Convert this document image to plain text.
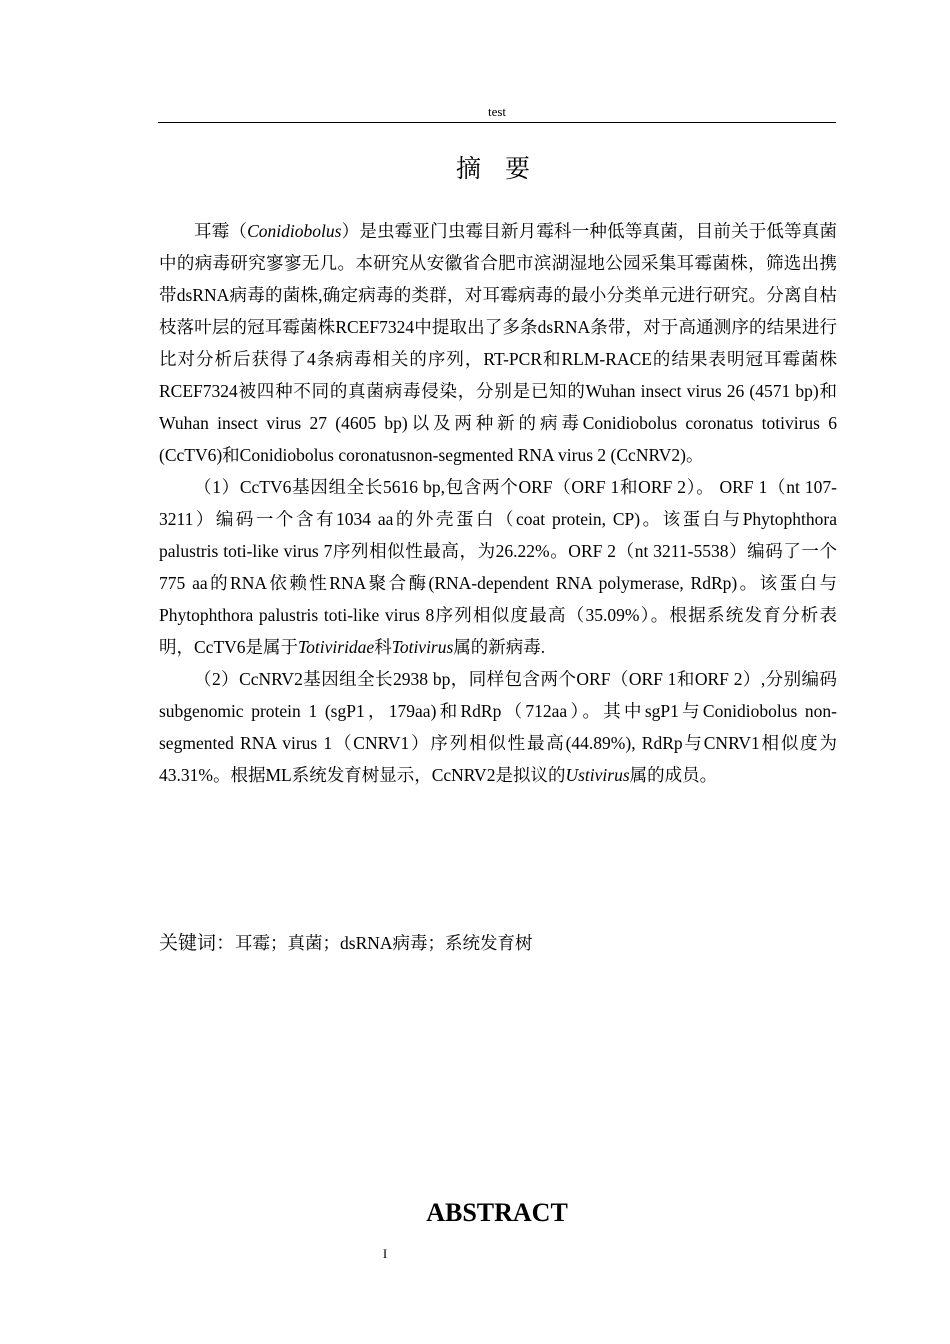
test
摘 要

耳霉（Conidiobolus）是虫霉亚门虫霉目新月霉科一种低等真菌，目前关于低等真菌中的病毒研究寥寥无几。本研究从安徽省合肥市滨湖湿地公园采集耳霉菌株，筛选出携带dsRNA病毒的菌株,确定病毒的类群，对耳霉病毒的最小分类单元进行研究。分离自枯枝落叶层的冠耳霉菌株RCEF7324中提取出了多条dsRNA条带，对于高通测序的结果进行比对分析后获得了4条病毒相关的序列，RT-PCR和RLM-RACE的结果表明冠耳霉菌株RCEF7324被四种不同的真菌病毒侵染，分别是已知的Wuhan insect virus 26 (4571 bp)和Wuhan insect virus 27 (4605 bp)以及两种新的病毒Conidiobolus coronatus totivirus 6 (CcTV6)和Conidiobolus coronatusnon-segmented RNA virus 2 (CcNRV2)。

（1）CcTV6基因组全长5616 bp,包含两个ORF（ORF 1和ORF 2）。 ORF 1（nt 107-3211）编码一个含有1034 aa的外壳蛋白（coat protein, CP)。该蛋白与Phytophthora palustris toti-like virus 7序列相似性最高，为26.22%。ORF 2（nt 3211-5538）编码了一个775 aa的RNA依赖性RNA聚合酶(RNA-dependent RNA polymerase, RdRp)。该蛋白与Phytophthora palustris toti-like virus 8序列相似度最高（35.09%）。根据系统发育分析表明，CcTV6是属于Totiviridae科Totivirus属的新病毒.

（2）CcNRV2基因组全长2938 bp，同样包含两个ORF（ORF 1和ORF 2）,分别编码subgenomic protein 1 (sgP1，179aa)和RdRp（712aa）。其中sgP1与Conidiobolus non-segmented RNA virus 1（CNRV1）序列相似性最高(44.89%), RdRp与CNRV1相似度为43.31%。根据ML系统发育树显示，CcNRV2是拟议的Ustivirus属的成员。

关键词：耳霉；真菌；dsRNA病毒；系统发育树
ABSTRACT
I
